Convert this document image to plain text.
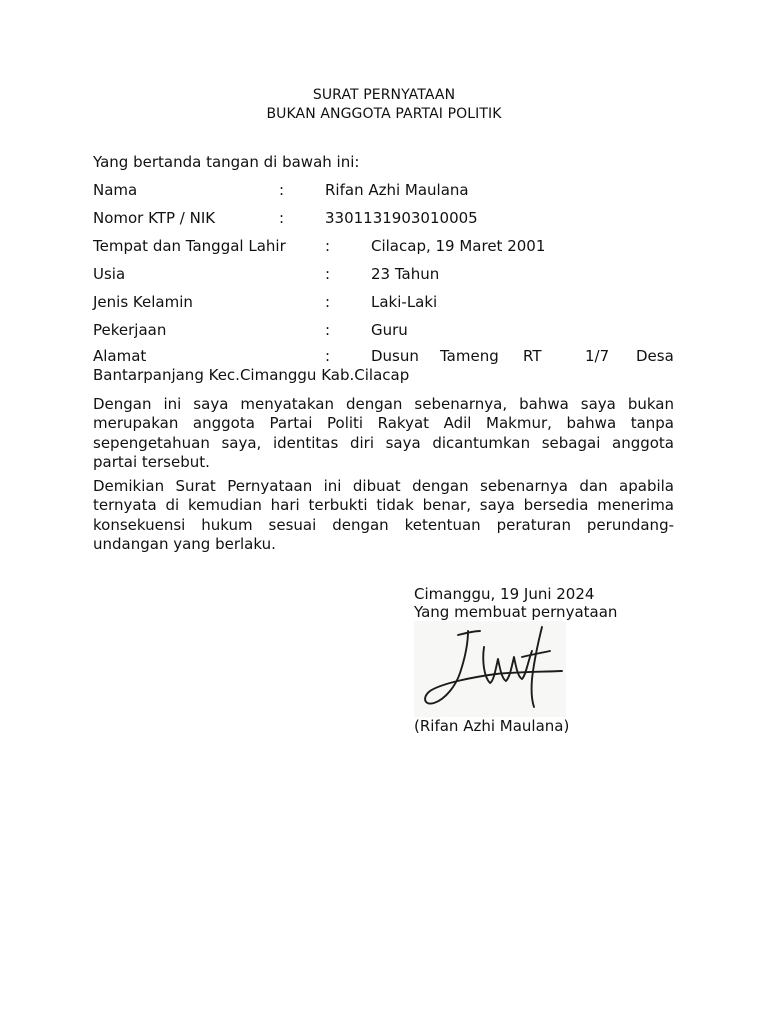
SURAT PERNYATAAN
BUKAN ANGGOTA PARTAI POLITIK
Yang bertanda tangan di bawah ini:
Nama	:	Rifan Azhi Maulana
Nomor KTP / NIK	:	3301131903010005
Tempat dan Tanggal Lahir	:	Cilacap, 19 Maret 2001
Usia	:	23 Tahun
Jenis Kelamin	:	Laki-Laki
Pekerjaan	:	Guru
Alamat	:	Dusun Tameng RT	1/7 Desa
Bantarpanjang Kec.Cimanggu Kab.Cilacap
Dengan ini saya menyatakan dengan sebenarnya, bahwa saya bukan merupakan anggota Partai Politi Rakyat Adil Makmur, bahwa tanpa sepengetahuan saya, identitas diri saya dicantumkan sebagai anggota partai tersebut.
Demikian Surat Pernyataan ini dibuat dengan sebenarnya dan apabila ternyata di kemudian hari terbukti tidak benar, saya bersedia menerima konsekuensi hukum sesuai dengan ketentuan peraturan perundang-undangan yang berlaku.
Cimanggu, 19 Juni 2024
Yang membuat pernyataan
(Rifan Azhi Maulana)
